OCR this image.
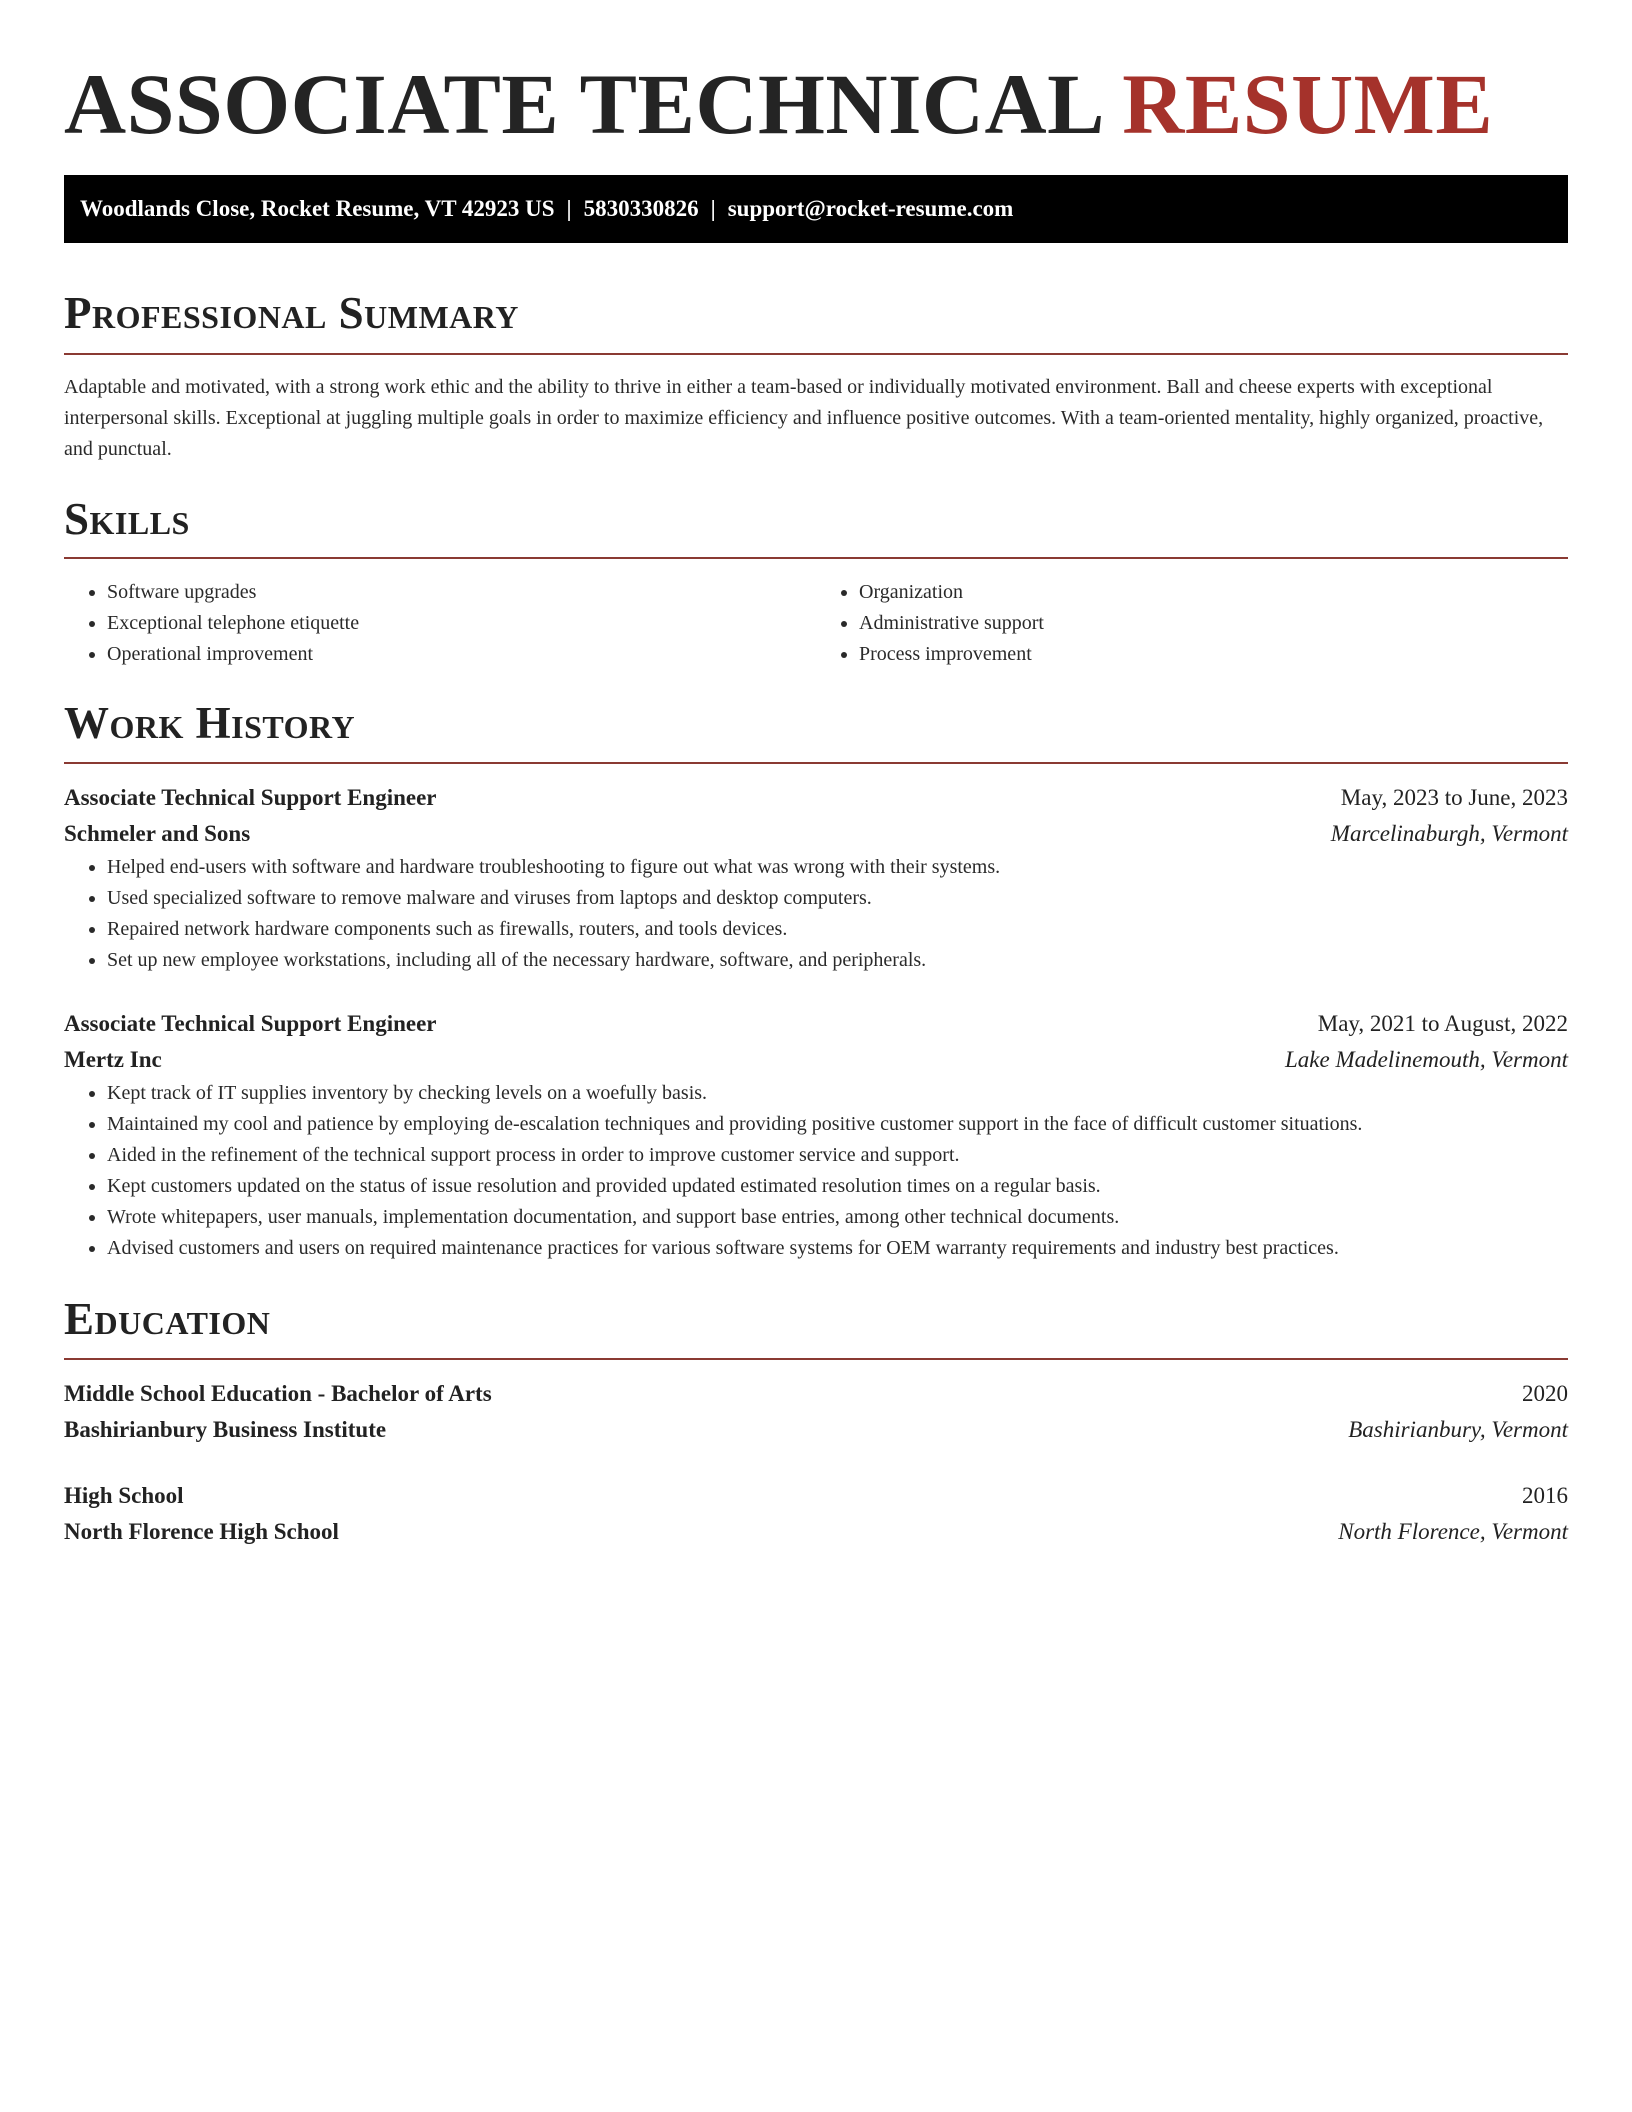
ASSOCIATE TECHNICAL RESUME
Woodlands Close, Rocket Resume, VT 42923 US | 5830330826 | support@rocket-resume.com
Professional Summary

Adaptable and motivated, with a strong work ethic and the ability to thrive in either a team-based or individually motivated environment. Ball and cheese experts with exceptional interpersonal skills. Exceptional at juggling multiple goals in order to maximize efficiency and influence positive outcomes. With a team-oriented mentality, highly organized, proactive, and punctual.

Skills
• Software upgrades
• Exceptional telephone etiquette
• Operational improvement
• Organization
• Administrative support
• Process improvement
Work History
Associate Technical Support Engineer	May, 2023 to June, 2023
Schmeler and Sons	Marcelinaburgh, Vermont
• Helped end-users with software and hardware troubleshooting to figure out what was wrong with their systems.
• Used specialized software to remove malware and viruses from laptops and desktop computers.
• Repaired network hardware components such as firewalls, routers, and tools devices.
• Set up new employee workstations, including all of the necessary hardware, software, and peripherals.
Associate Technical Support Engineer	May, 2021 to August, 2022
Mertz Inc	Lake Madelinemouth, Vermont
• Kept track of IT supplies inventory by checking levels on a woefully basis.
• Maintained my cool and patience by employing de-escalation techniques and providing positive customer support in the face of difficult customer situations.
• Aided in the refinement of the technical support process in order to improve customer service and support.
• Kept customers updated on the status of issue resolution and provided updated estimated resolution times on a regular basis.
• Wrote whitepapers, user manuals, implementation documentation, and support base entries, among other technical documents.
• Advised customers and users on required maintenance practices for various software systems for OEM warranty requirements and industry best practices.
Education
Middle School Education - Bachelor of Arts	2020
Bashirianbury Business Institute	Bashirianbury, Vermont
High School	2016
North Florence High School	North Florence, Vermont
